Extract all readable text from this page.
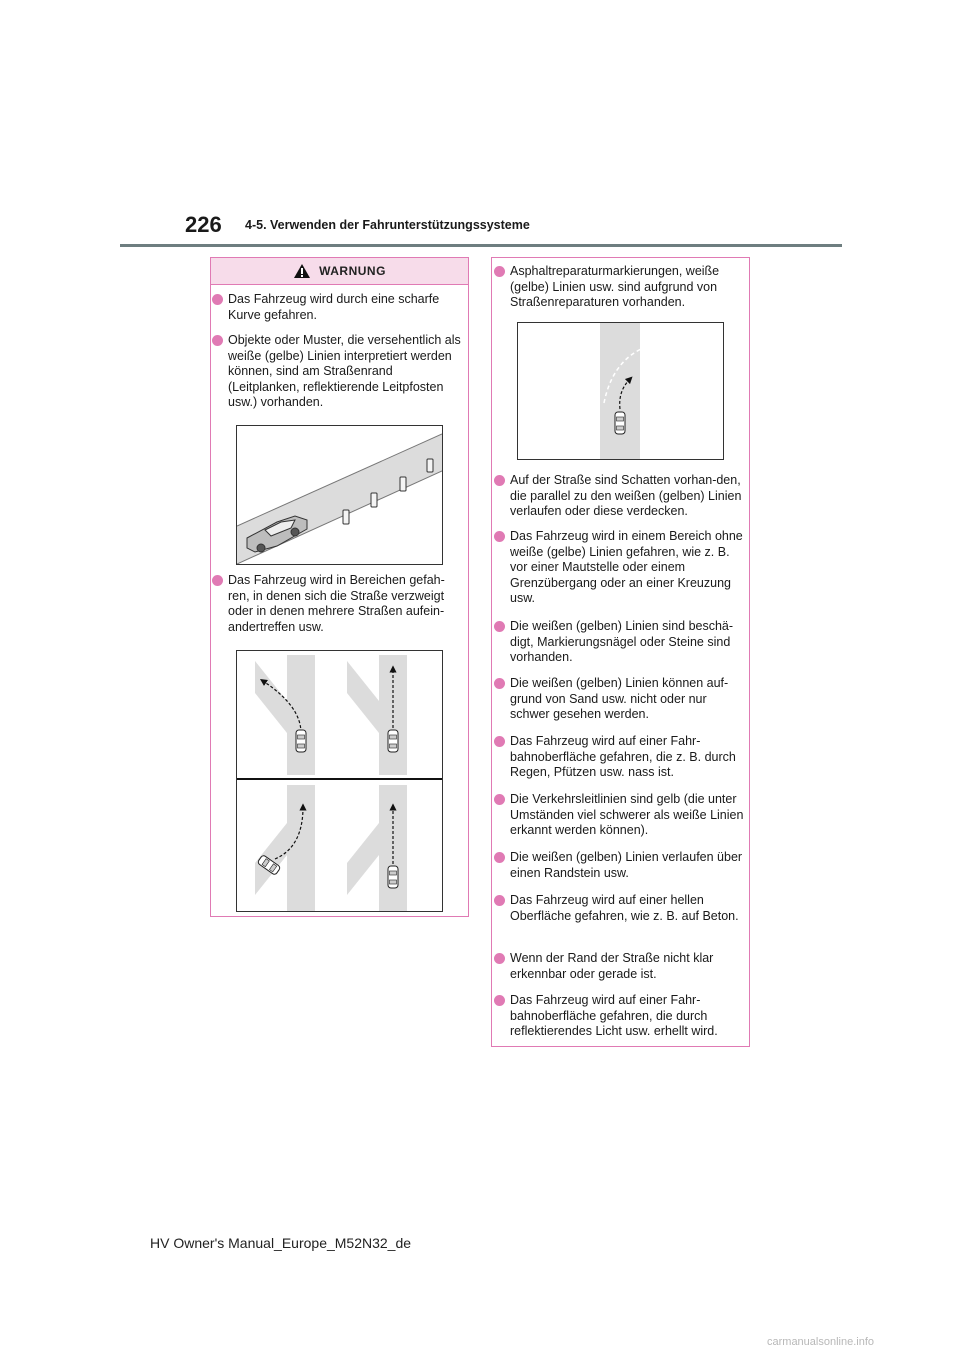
226 4-5. Verwenden der Fahrunterstützungssysteme
WARNUNG
Das Fahrzeug wird durch eine scharfe Kurve gefahren.
Objekte oder Muster, die versehentlich als weiße (gelbe) Linien interpretiert werden können, sind am Straßenrand (Leitplanken, reflektierende Leitpfosten usw.) vorhanden.
Das Fahrzeug wird in Bereichen gefah-ren, in denen sich die Straße verzweigt oder in denen mehrere Straßen aufein-andertreffen usw.
Asphaltreparaturmarkierungen, weiße (gelbe) Linien usw. sind aufgrund von Straßenreparaturen vorhanden.
Auf der Straße sind Schatten vorhan-den, die parallel zu den weißen (gelben) Linien verlaufen oder diese verdecken.
Das Fahrzeug wird in einem Bereich ohne weiße (gelbe) Linien gefahren, wie z. B. vor einer Mautstelle oder einem Grenzübergang oder an einer Kreuzung usw.
Die weißen (gelben) Linien sind beschä-digt, Markierungsnägel oder Steine sind vorhanden.
Die weißen (gelben) Linien können auf-grund von Sand usw. nicht oder nur schwer gesehen werden.
Das Fahrzeug wird auf einer Fahr-bahnoberfläche gefahren, die z. B. durch Regen, Pfützen usw. nass ist.
Die Verkehrsleitlinien sind gelb (die unter Umständen viel schwerer als weiße Linien erkannt werden können).
Die weißen (gelben) Linien verlaufen über einen Randstein usw.
Das Fahrzeug wird auf einer hellen Oberfläche gefahren, wie z. B. auf Beton.
Wenn der Rand der Straße nicht klar erkennbar oder gerade ist.
Das Fahrzeug wird auf einer Fahr-bahnoberfläche gefahren, die durch reflektierendes Licht usw. erhellt wird.
HV Owner's Manual_Europe_M52N32_de
carmanualsonline.info
